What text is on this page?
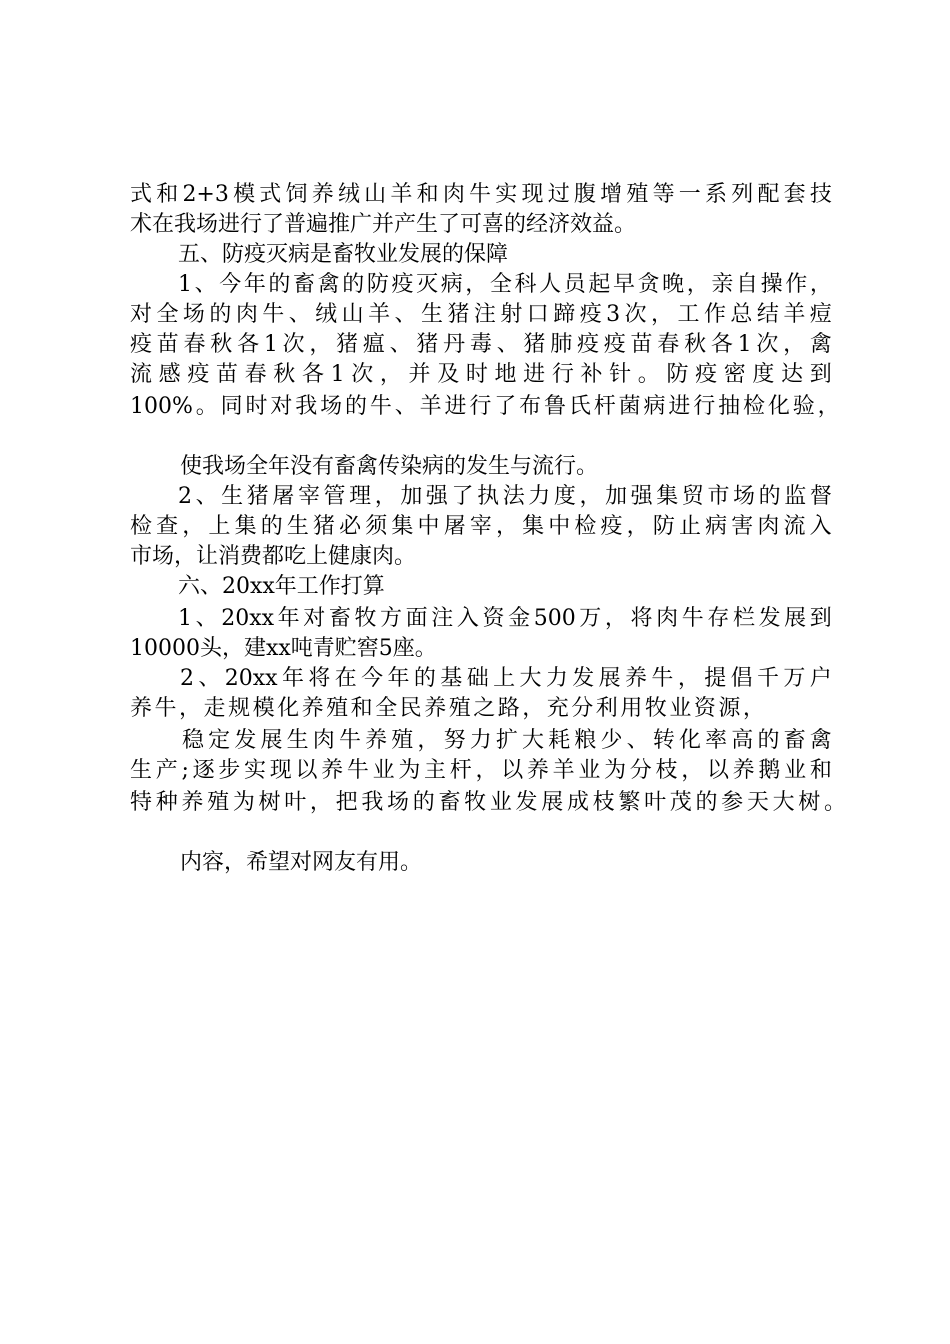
式 和 2+3 模 式 饲 养 绒 山 羊 和 肉 牛 实 现 过 腹 增 殖 等 一 系 列 配 套 技
术在我场进行了普遍推广并产生了可喜的经济效益。
五、防疫灭病是畜牧业发展的保障
1 、 今 年 的 畜 禽 的 防 疫 灭 病 ， 全 科 人 员 起 早 贪 晚 ， 亲 自 操 作 ，
对 全 场 的 肉 牛 、 绒 山 羊 、 生 猪 注 射 口 蹄 疫 3 次 ， 工 作 总 结 羊 痘
疫 苗 春 秋 各 1 次 ， 猪 瘟 、 猪 丹 毒 、 猪 肺 疫 疫 苗 春 秋 各 1 次 ， 禽
流 感 疫 苗 春 秋 各 1 次 ， 并 及 时 地 进 行 补 针 。 防 疫 密 度 达 到
100% 。 同 时 对 我 场 的 牛 、 羊 进 行 了 布 鲁 氏 杆 菌 病 进 行 抽 检 化 验 ，
使我场全年没有畜禽传染病的发生与流行。
2 、 生 猪 屠 宰 管 理 ， 加 强 了 执 法 力 度 ， 加 强 集 贸 市 场 的 监 督
检 查 ， 上 集 的 生 猪 必 须 集 中 屠 宰 ， 集 中 检 疫 ， 防 止 病 害 肉 流 入
市场，让消费都吃上健康肉。
六、20xx年工作打算
1 、 20xx 年 对 畜 牧 方 面 注 入 资 金 500 万 ， 将 肉 牛 存 栏 发 展 到
10000头，建xx吨青贮窖5座。
2 、 20xx 年 将 在 今 年 的 基 础 上 大 力 发 展 养 牛 ， 提 倡 千 万 户
养 牛 ， 走 规 模 化 养 殖 和 全 民 养 殖 之 路 ， 充 分 利 用 牧 业 资 源 ，
稳 定 发 展 生 肉 牛 养 殖 ， 努 力 扩 大 耗 粮 少 、 转 化 率 高 的 畜 禽
生 产 ; 逐 步 实 现 以 养 牛 业 为 主 杆 ， 以 养 羊 业 为 分 枝 ， 以 养 鹅 业 和
特 种 养 殖 为 树 叶 ， 把 我 场 的 畜 牧 业 发 展 成 枝 繁 叶 茂 的 参 天 大 树 。
内容，希望对网友有用。
